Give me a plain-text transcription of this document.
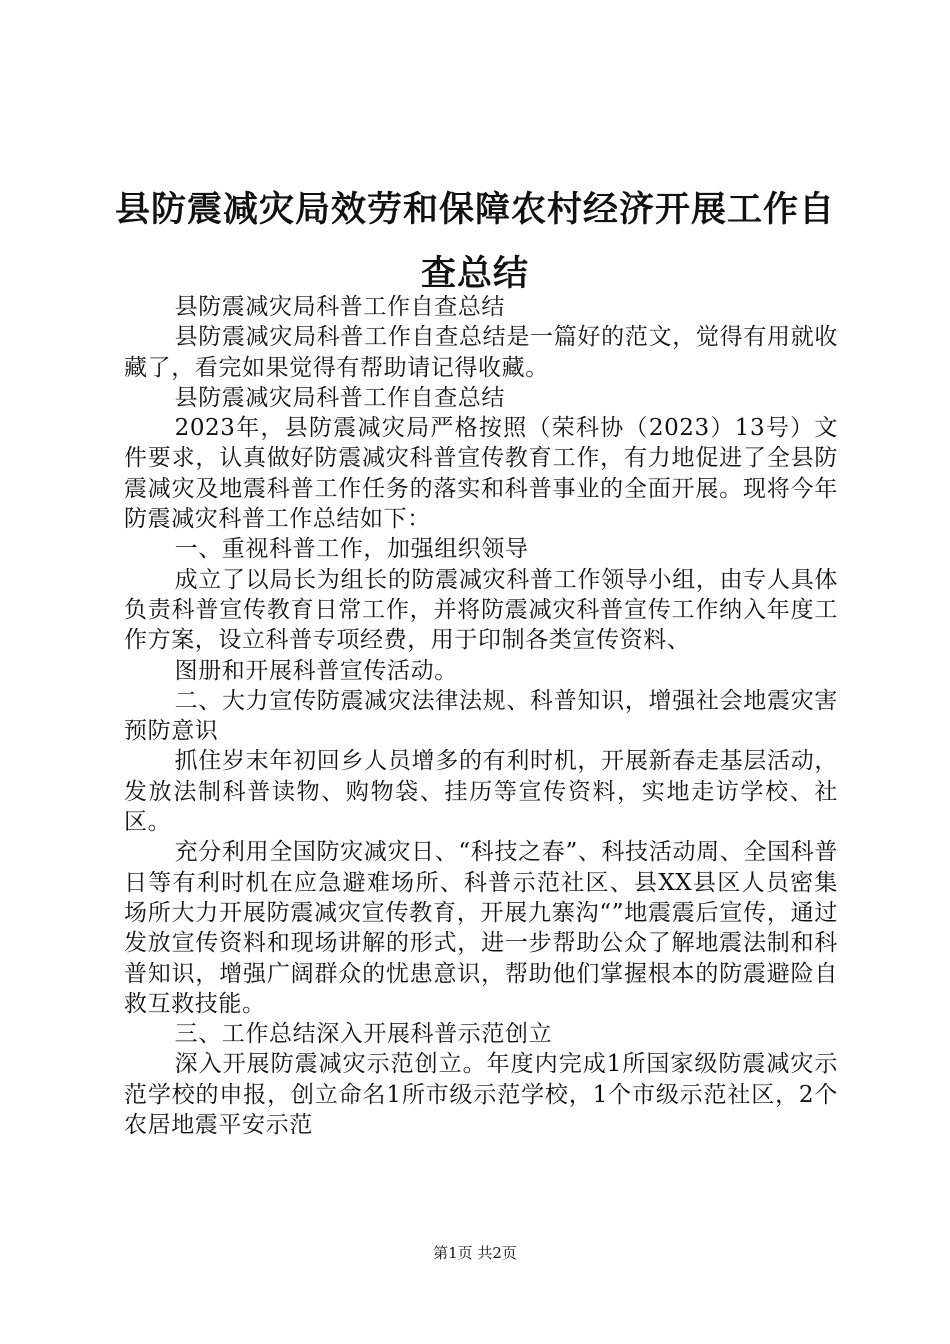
县防震减灾局效劳和保障农村经济开展工作自查总结

县防震减灾局科普工作自查总结

县防震减灾局科普工作自查总结是一篇好的范文，觉得有用就收藏了，看完如果觉得有帮助请记得收藏。

县防震减灾局科普工作自查总结

2023年，县防震减灾局严格按照（荣科协（2023）13号）文件要求，认真做好防震减灾科普宣传教育工作，有力地促进了全县防震减灾及地震科普工作任务的落实和科普事业的全面开展。现将今年防震减灾科普工作总结如下：

一、重视科普工作，加强组织领导

成立了以局长为组长的防震减灾科普工作领导小组，由专人具体负责科普宣传教育日常工作，并将防震减灾科普宣传工作纳入年度工作方案，设立科普专项经费，用于印制各类宣传资料、

图册和开展科普宣传活动。

二、大力宣传防震减灾法律法规、科普知识，增强社会地震灾害预防意识

抓住岁末年初回乡人员增多的有利时机，开展新春走基层活动，发放法制科普读物、购物袋、挂历等宣传资料，实地走访学校、社区。

充分利用全国防灾减灾日、“科技之春”、科技活动周、全国科普日等有利时机在应急避难场所、科普示范社区、县XX县区人员密集场所大力开展防震减灾宣传教育，开展九寨沟“”地震震后宣传，通过发放宣传资料和现场讲解的形式，进一步帮助公众了解地震法制和科普知识，增强广阔群众的忧患意识，帮助他们掌握根本的防震避险自救互救技能。

三、工作总结深入开展科普示范创立

深入开展防震减灾示范创立。年度内完成1所国家级防震减灾示范学校的申报，创立命名1所市级示范学校，1个市级示范社区，2个农居地震平安示范

第1页 共2页
